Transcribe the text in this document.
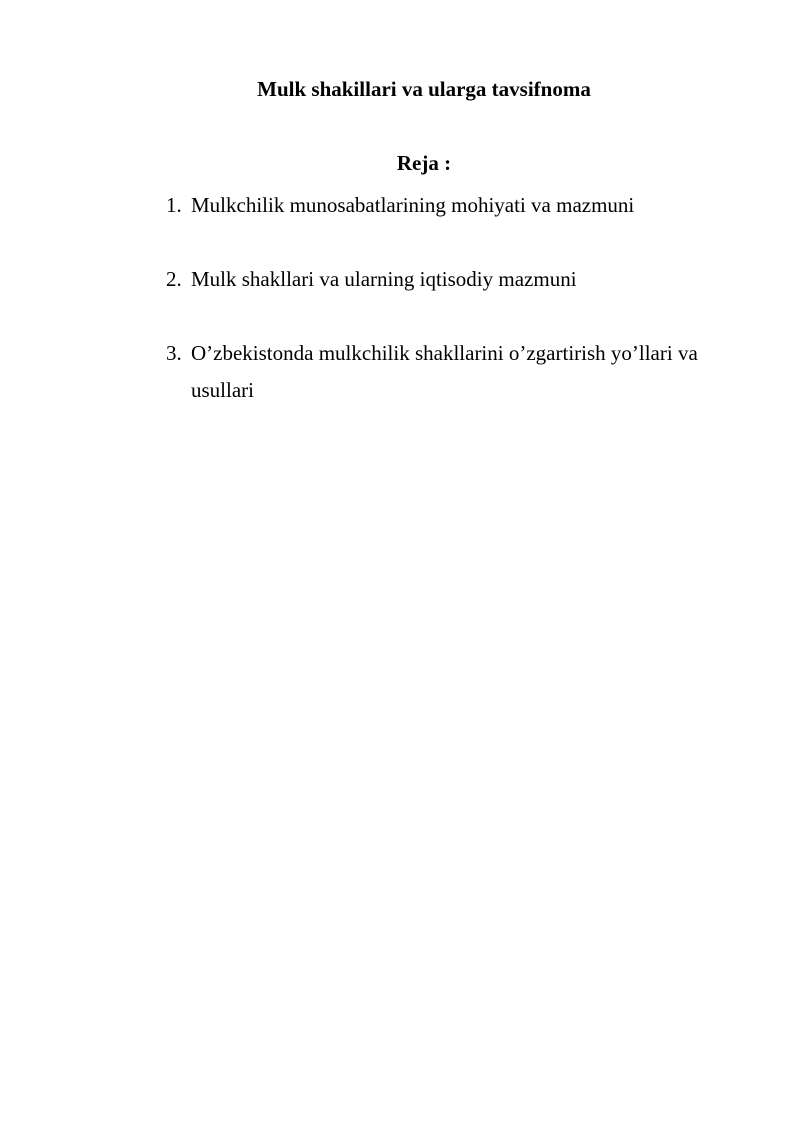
Mulk shakillari va ularga tavsifnoma
Reja :
1. Mulkchilik munosabatlarining mohiyati va mazmuni
2. Mulk shakllari va ularning iqtisodiy mazmuni
3. O’zbekistonda mulkchilik shakllarini o’zgartirish yo’llari va usullari
